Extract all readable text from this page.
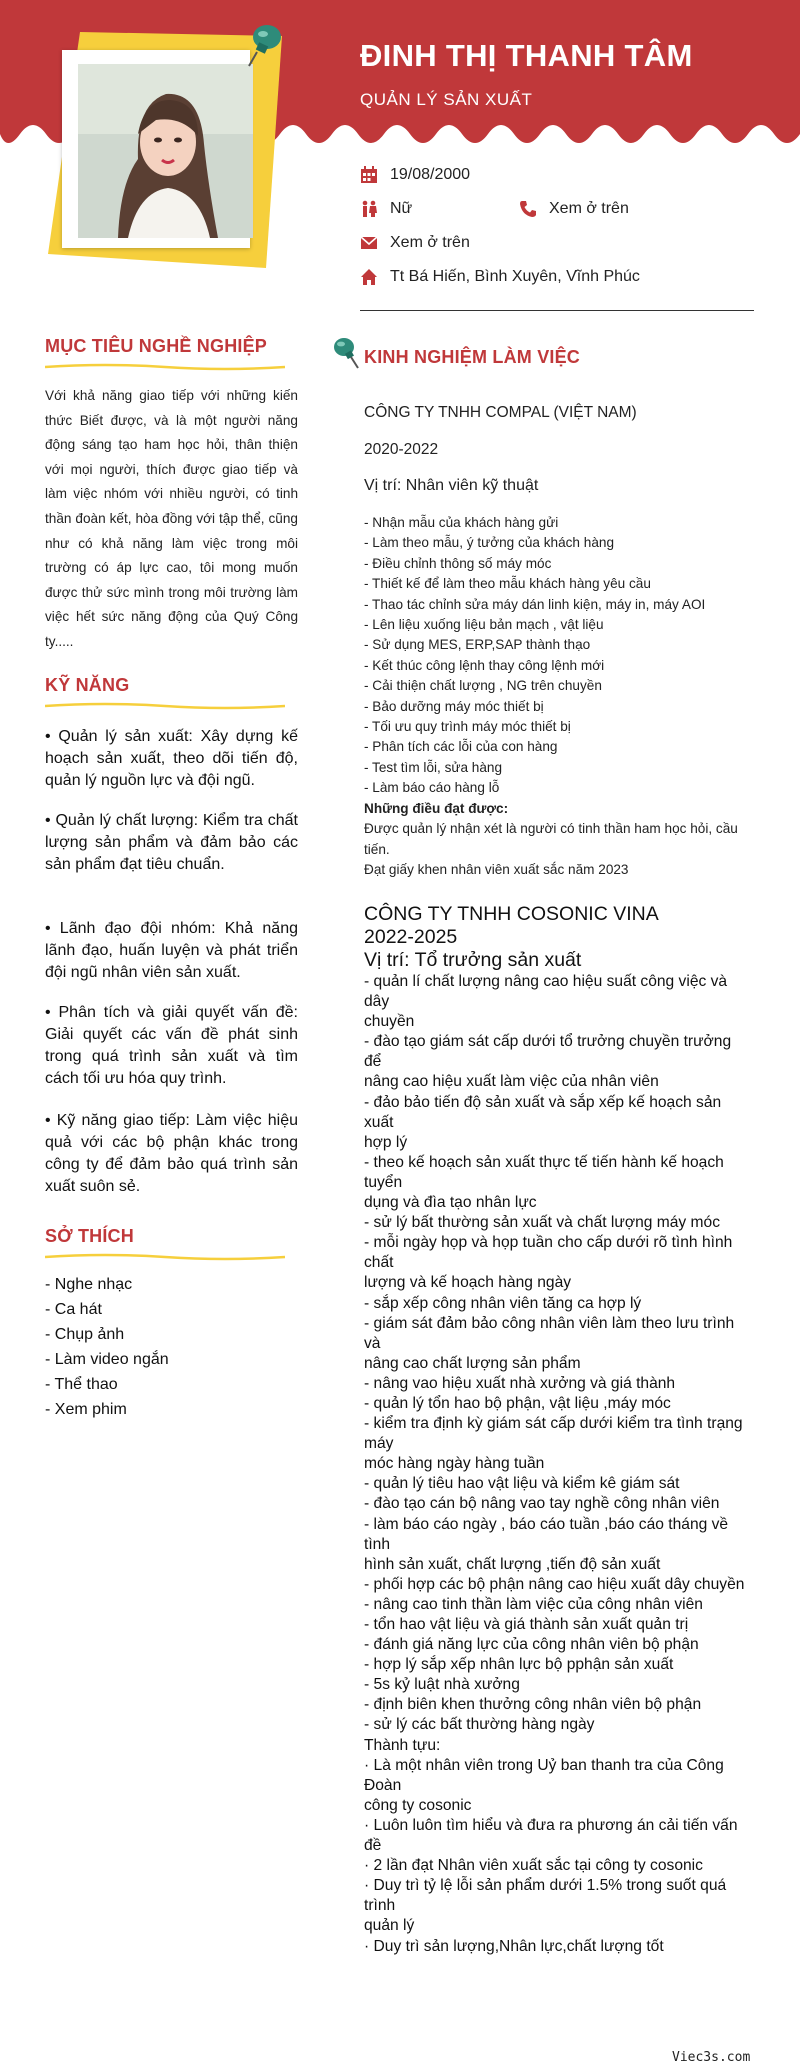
ĐINH THỊ THANH TÂM
QUẢN LÝ SẢN XUẤT
19/08/2000
Nữ	Xem ở trên
Xem ở trên
Tt Bá Hiến, Bình Xuyên, Vĩnh Phúc
MỤC TIÊU NGHỀ NGHIỆP
Với khả năng giao tiếp với những kiến thức Biết được, và là một người năng động sáng tạo ham học hỏi, thân thiện với mọi người, thích được giao tiếp và làm việc nhóm với nhiều người, có tinh thần đoàn kết, hòa đồng với tập thể, cũng như có khả năng làm việc trong môi trường có áp lực cao, tôi mong muốn được thử sức mình trong môi trường làm việc hết sức năng động của Quý Công ty.....
KỸ NĂNG
• Quản lý sản xuất: Xây dựng kế hoạch sản xuất, theo dõi tiến độ, quản lý nguồn lực và đội ngũ.
• Quản lý chất lượng: Kiểm tra chất lượng sản phẩm và đảm bảo các sản phẩm đạt tiêu chuẩn.
• Lãnh đạo đội nhóm: Khả năng lãnh đạo, huấn luyện và phát triển đội ngũ nhân viên sản xuất.
• Phân tích và giải quyết vấn đề: Giải quyết các vấn đề phát sinh trong quá trình sản xuất và tìm cách tối ưu hóa quy trình.
• Kỹ năng giao tiếp: Làm việc hiệu quả với các bộ phận khác trong công ty để đảm bảo quá trình sản xuất suôn sẻ.
SỞ THÍCH
- Nghe nhạc
- Ca hát
- Chụp ảnh
- Làm video ngắn
- Thể thao
- Xem phim
KINH NGHIỆM LÀM VIỆC
CÔNG TY TNHH COMPAL (VIỆT NAM)
2020-2022
Vị trí: Nhân viên kỹ thuật
- Nhận mẫu của khách hàng gửi
- Làm theo mẫu, ý tưởng của khách hàng
- Điều chỉnh thông số máy móc
- Thiết kế để làm theo mẫu khách hàng yêu cầu
- Thao tác chỉnh sửa máy dán linh kiện, máy in, máy AOI
- Lên liệu xuống liệu bản mạch , vật liệu
- Sử dụng MES, ERP,SAP thành thạo
- Kết thúc công lệnh thay công lệnh mới
- Cải thiện chất lượng , NG trên chuyền
- Bảo dưỡng máy móc thiết bị
- Tối ưu quy trình máy móc thiết bị
- Phân tích các lỗi của con hàng
- Test tìm lỗi, sửa hàng
- Làm báo cáo hàng lỗ
Những điều đạt được:
Được quản lý nhận xét là người có tinh thần ham học hỏi, cầu tiến.
Đạt giấy khen nhân viên xuất sắc năm 2023
CÔNG TY TNHH COSONIC VINA
2022-2025
Vị trí: Tổ trưởng sản xuất
- quản lí chất lượng nâng cao hiệu suất công việc và dây
chuyền
- đào tạo giám sát cấp dưới tổ trưởng chuyền trưởng để
nâng cao hiệu xuất làm việc của nhân viên
- đảo bảo tiến độ sản xuất và sắp xếp kế hoạch sản xuất
hợp lý
- theo kế hoạch sản xuất thực tế tiến hành kế hoạch tuyển
dụng và đìa tạo nhân lực
- sử lý bất thường sản xuất và chất lượng máy móc
- mỗi ngày họp và họp tuần cho cấp dưới rõ tình hình chất
lượng và kế hoạch hàng ngày
- sắp xếp công nhân viên tăng ca hợp lý
- giám sát đảm bảo công nhân viên làm theo lưu trình và
nâng cao chất lượng sản phẩm
- nâng vao hiệu xuất nhà xưởng và giá thành
- quản lý tổn hao bộ phận, vật liệu ,máy móc
- kiểm tra định kỳ giám sát cấp dưới kiểm tra tình trạng máy
móc hàng ngày hàng tuần
- quản lý tiêu hao vật liệu và kiểm kê giám sát
- đào tạo cán bộ nâng vao tay nghề công nhân viên
- làm báo cáo ngày , báo cáo tuần ,báo cáo tháng về tình
hình sản xuất, chất lượng ,tiến độ sản xuất
- phối hợp các bộ phận nâng cao hiệu xuất dây chuyền
- nâng cao tinh thần làm việc của công nhân viên
- tổn hao vật liệu và giá thành sản xuất quản trị
- đánh giá năng lực của công nhân viên bộ phận
- hợp lý sắp xếp nhân lực bộ pphận sản xuất
- 5s kỷ luật nhà xưởng
- định biên khen thưởng công nhân viên bộ phận
- sử lý các bất thường hàng ngày
Thành tựu:
· Là một nhân viên trong Uỷ ban thanh tra của Công Đoàn
công ty cosonic
· Luôn luôn tìm hiểu và đưa ra phương án cải tiến vấn đề
· 2 lần đạt Nhân viên xuất sắc tại công ty cosonic
· Duy trì tỷ lệ lỗi sản phẩm dưới 1.5% trong suốt quá trình
quản lý
· Duy trì sản lượng,Nhân lực,chất lượng tốt
Viec3s.com
